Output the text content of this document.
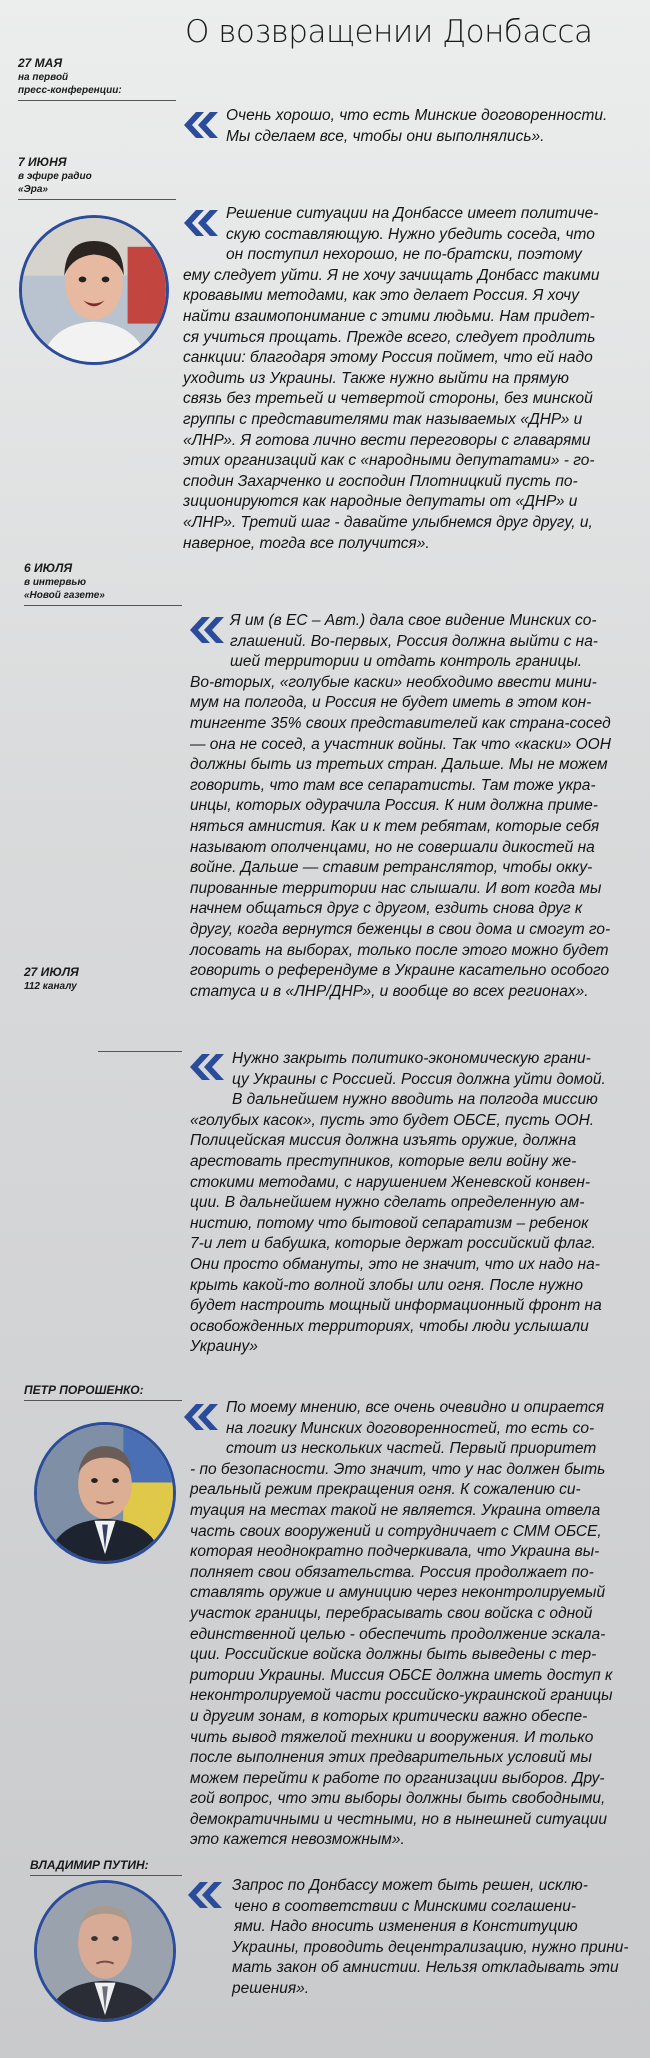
О возвращении Донбасса
27 МАЯ
на первой
пресс-конференции:

Очень хорошо, что есть Минские договоренности.

Мы сделаем все, чтобы они выполнялись».

7 ИЮНЯ
в эфире радио
«Эра»

Решение ситуации на Донбассе имеет политиче-

скую составляющую. Нужно убедить соседа, что

он поступил нехорошо, не по-братски, поэтому

ему следует уйти. Я не хочу зачищать Донбасс такими

кровавыми методами, как это делает Россия. Я хочу

найти взаимопонимание с этими людьми. Нам придет-

ся учиться прощать. Прежде всего, следует продлить

санкции: благодаря этому Россия поймет, что ей надо

уходить из Украины. Также нужно выйти на прямую

связь без третьей и четвертой стороны, без минской

группы с представителями так называемых «ДНР» и

«ЛНР». Я готова лично вести переговоры с главарями

этих организаций как с «народными депутатами» - го-

сподин Захарченко и господин Плотницкий пусть по-

зиционируются как народные депутаты от «ДНР» и

«ЛНР». Третий шаг - давайте улыбнемся друг другу, и,

наверное, тогда все получится».

6 ИЮЛЯ
в интервью
«Новой газете»

Я им (в ЕС – Авт.) дала свое видение Минских со-

глашений. Во-первых, Россия должна выйти с на-

шей территории и отдать контроль границы.

Во-вторых, «голубые каски» необходимо ввести мини-

мум на полгода, и Россия не будет иметь в этом кон-

тингенте 35% своих представителей как страна-сосед

— она не сосед, а участник войны. Так что «каски» ООН

должны быть из третьих стран. Дальше. Мы не можем

говорить, что там все сепаратисты. Там тоже укра-

инцы, которых одурачила Россия. К ним должна приме-

няться амнистия. Как и к тем ребятам, которые себя

называют ополченцами, но не совершали дикостей на

войне. Дальше — ставим ретранслятор, чтобы окку-

пированные территории нас слышали. И вот когда мы

начнем общаться друг с другом, ездить снова друг к

другу, когда вернутся беженцы в свои дома и смогут го-

лосовать на выборах, только после этого можно будет

говорить о референдуме в Украине касательно особого

статуса и в «ЛНР/ДНР», и вообще во всех регионах».

27 ИЮЛЯ
112 каналу

Нужно закрыть политико-экономическую грани-

цу Украины с Россией. Россия должна уйти домой.

В дальнейшем нужно вводить на полгода миссию

«голубых касок», пусть это будет ОБСЕ, пусть ООН.

Полицейская миссия должна изъять оружие, должна

арестовать преступников, которые вели войну же-

стокими методами, с нарушением Женевской конвен-

ции. В дальнейшем нужно сделать определенную ам-

нистию, потому что бытовой сепаратизм – ребенок

7-и лет и бабушка, которые держат российский флаг.

Они просто обмануты, это не значит, что их надо на-

крыть какой-то волной злобы или огня. После нужно

будет настроить мощный информационный фронт на

освобожденных территориях, чтобы люди услышали

Украину»

ПЕТР ПОРОШЕНКО:

По моему мнению, все очень очевидно и опирается

на логику Минских договоренностей, то есть со-

стоит из нескольких частей. Первый приоритет

- по безопасности. Это значит, что у нас должен быть

реальный режим прекращения огня. К сожалению си-

туация на местах такой не является. Украина отвела

часть своих вооружений и сотрудничает с СММ ОБСЕ,

которая неоднократно подчеркивала, что Украина вы-

полняет свои обязательства. Россия продолжает по-

ставлять оружие и амуницию через неконтролируемый

участок границы, перебрасывать свои войска с одной

единственной целью - обеспечить продолжение эскала-

ции. Российские войска должны быть выведены с тер-

ритории Украины. Миссия ОБСЕ должна иметь доступ к

неконтролируемой части российско-украинской границы

и другим зонам, в которых критически важно обеспе-

чить вывод тяжелой техники и вооружения. И только

после выполнения этих предварительных условий мы

можем перейти к работе по организации выборов. Дру-

гой вопрос, что эти выборы должны быть свободными,

демократичными и честными, но в нынешней ситуации

это кажется невозможным».

ВЛАДИМИР ПУТИН:

Запрос по Донбассу может быть решен, исклю-

чено в соответствии с Минскими соглашени-

ями. Надо вносить изменения в Конституцию

Украины, проводить децентрализацию, нужно прини-

мать закон об амнистии. Нельзя откладывать эти

решения».
